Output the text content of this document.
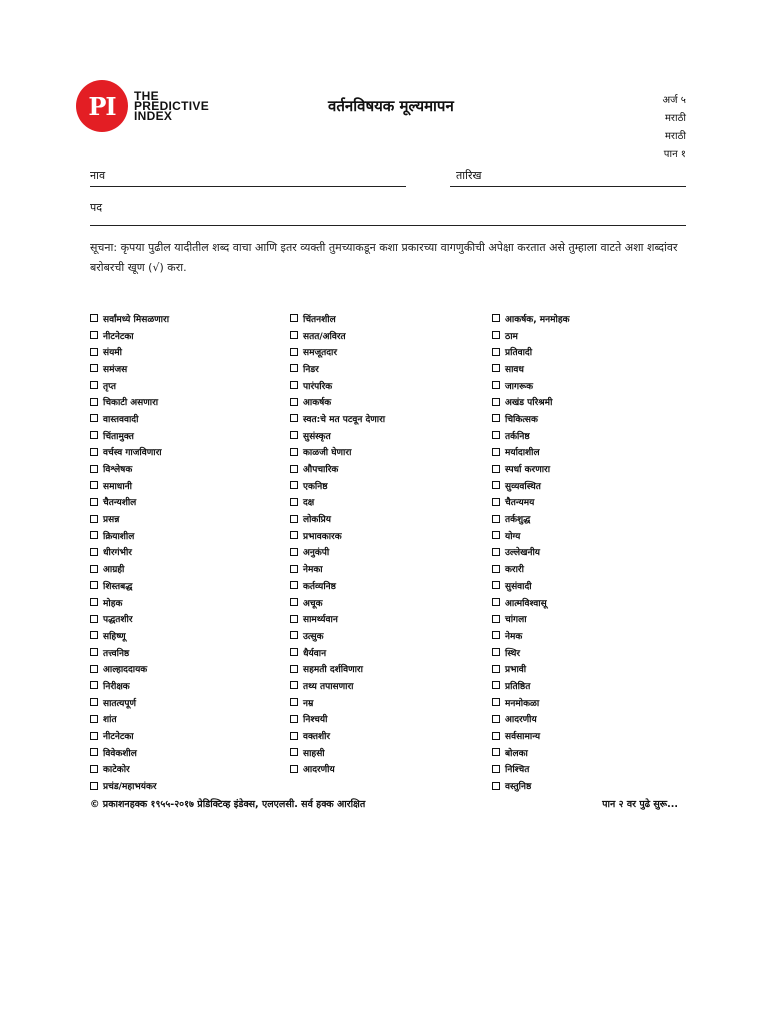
PI	THE
PREDICTIVE
INDEX
वर्तनविषयक मूल्यमापन	अर्ज ५
मराठी
मराठी
पान १
नाव	तारिख
पद
सूचना: कृपया पुढील यादीतील शब्द वाचा आणि इतर व्यक्ती तुमच्याकडून कशा प्रकारच्या वागणुकीची अपेक्षा करतात असे तुम्हाला वाटते अशा शब्दांवर बरोबरची खूण (√) करा.
सर्वांमध्ये मिसळणारा
नीटनेटका
संयमी
समंजस
तृप्त
चिकाटी असणारा
वास्तववादी
चिंतामुक्त
वर्चस्व गाजविणारा
विश्लेषक
समाधानी
चैतन्यशील
प्रसन्न
क्रियाशील
धीरगंभीर
आग्रही
शिस्तबद्ध
मोहक
पद्धतशीर
सहिष्णू
तत्त्वनिष्ठ
आल्हाददायक
निरीक्षक
सातत्यपूर्ण
शांत
नीटनेटका
विवेकशील
काटेकोर
प्रचंड/महाभयंकर
चिंतनशील
सतत/अविरत
समजूतदार
निडर
पारंपरिक
आकर्षक
स्वत:चे मत पटवून देणारा
सुसंस्कृत
काळजी घेणारा
औपचारिक
एकनिष्ठ
दक्ष
लोकप्रिय
प्रभावकारक
अनुकंपी
नेमका
कर्तव्यनिष्ठ
अचूक
सामर्थ्यवान
उत्सुक
धैर्यवान
सहमती दर्शविणारा
तथ्य तपासणारा
नम्र
निश्चयी
वक्तशीर
साहसी
आदरणीय
आकर्षक, मनमोहक
ठाम
प्रतिवादी
सावध
जागरूक
अखंड परिश्रमी
चिकित्सक
तर्कनिष्ठ
मर्यादाशील
स्पर्धा करणारा
सुव्यवस्थित
चैतन्यमय
तर्कशुद्ध
योग्य
उल्लेखनीय
करारी
सुसंवादी
आत्मविश्वासू
चांगला
नेमक
स्थिर
प्रभावी
प्रतिष्ठित
मनमोकळा
आदरणीय
सर्वसामान्य
बोलका
निश्चित
वस्तुनिष्ठ
© प्रकाशनहक्क १९५५-२०१७ प्रेडिक्टिव्ह इंडेक्स, एलएलसी. सर्व हक्क आरक्षित	पान २ वर पुढे सुरू...
